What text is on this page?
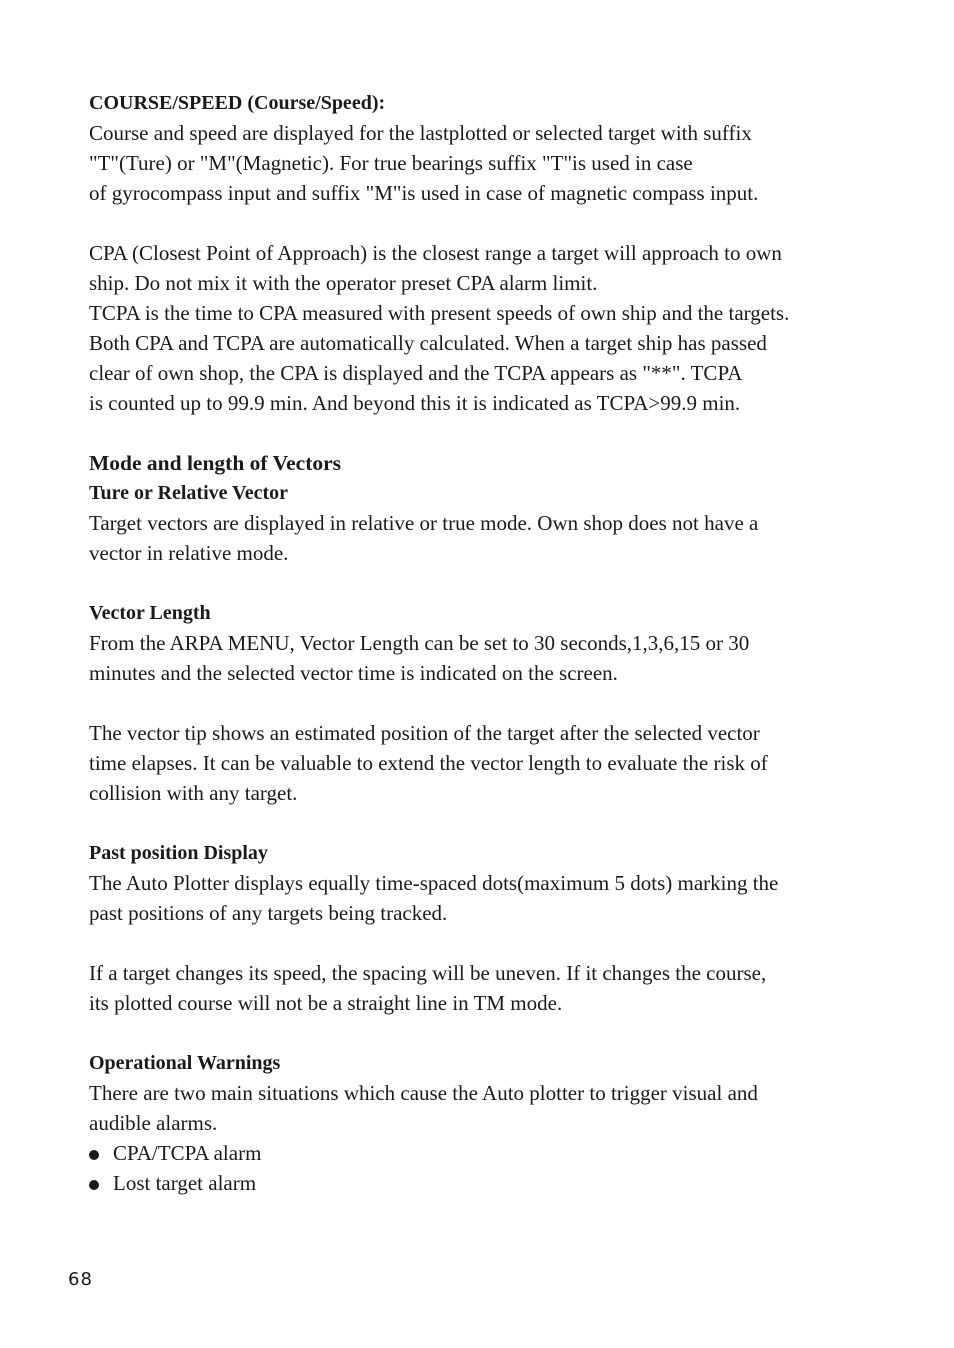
COURSE/SPEED (Course/Speed):

Course and speed are displayed for the lastplotted or selected target with suffix

"T"(Ture) or "M"(Magnetic). For true bearings suffix "T"is used in case

of gyrocompass input and suffix "M"is used in case of magnetic compass input.

CPA (Closest Point of Approach) is the closest range a target will approach to own

ship. Do not mix it with the operator preset CPA alarm limit.

TCPA is the time to CPA measured with present speeds of own ship and the targets.

Both CPA and TCPA are automatically calculated. When a target ship has passed

clear of own shop, the CPA is displayed and the TCPA appears as "**". TCPA

is counted up to 99.9 min. And beyond this it is indicated as TCPA>99.9 min.

Mode and length of Vectors

Ture or Relative Vector

Target vectors are displayed in relative or true mode. Own shop does not have a

vector in relative mode.

Vector Length

From the ARPA MENU, Vector Length can be set to 30 seconds,1,3,6,15 or 30

minutes and the selected vector time is indicated on the screen.

The vector tip shows an estimated position of the target after the selected vector

time elapses. It can be valuable to extend the vector length to evaluate the risk of

collision with any target.

Past position Display

The Auto Plotter displays equally time-spaced dots(maximum 5 dots) marking the

past positions of any targets being tracked.

If a target changes its speed, the spacing will be uneven. If it changes the course,

its plotted course will not be a straight line in TM mode.

Operational Warnings

There are two main situations which cause the Auto plotter to trigger visual and

audible alarms.

CPA/TCPA alarm
Lost target alarm
68
